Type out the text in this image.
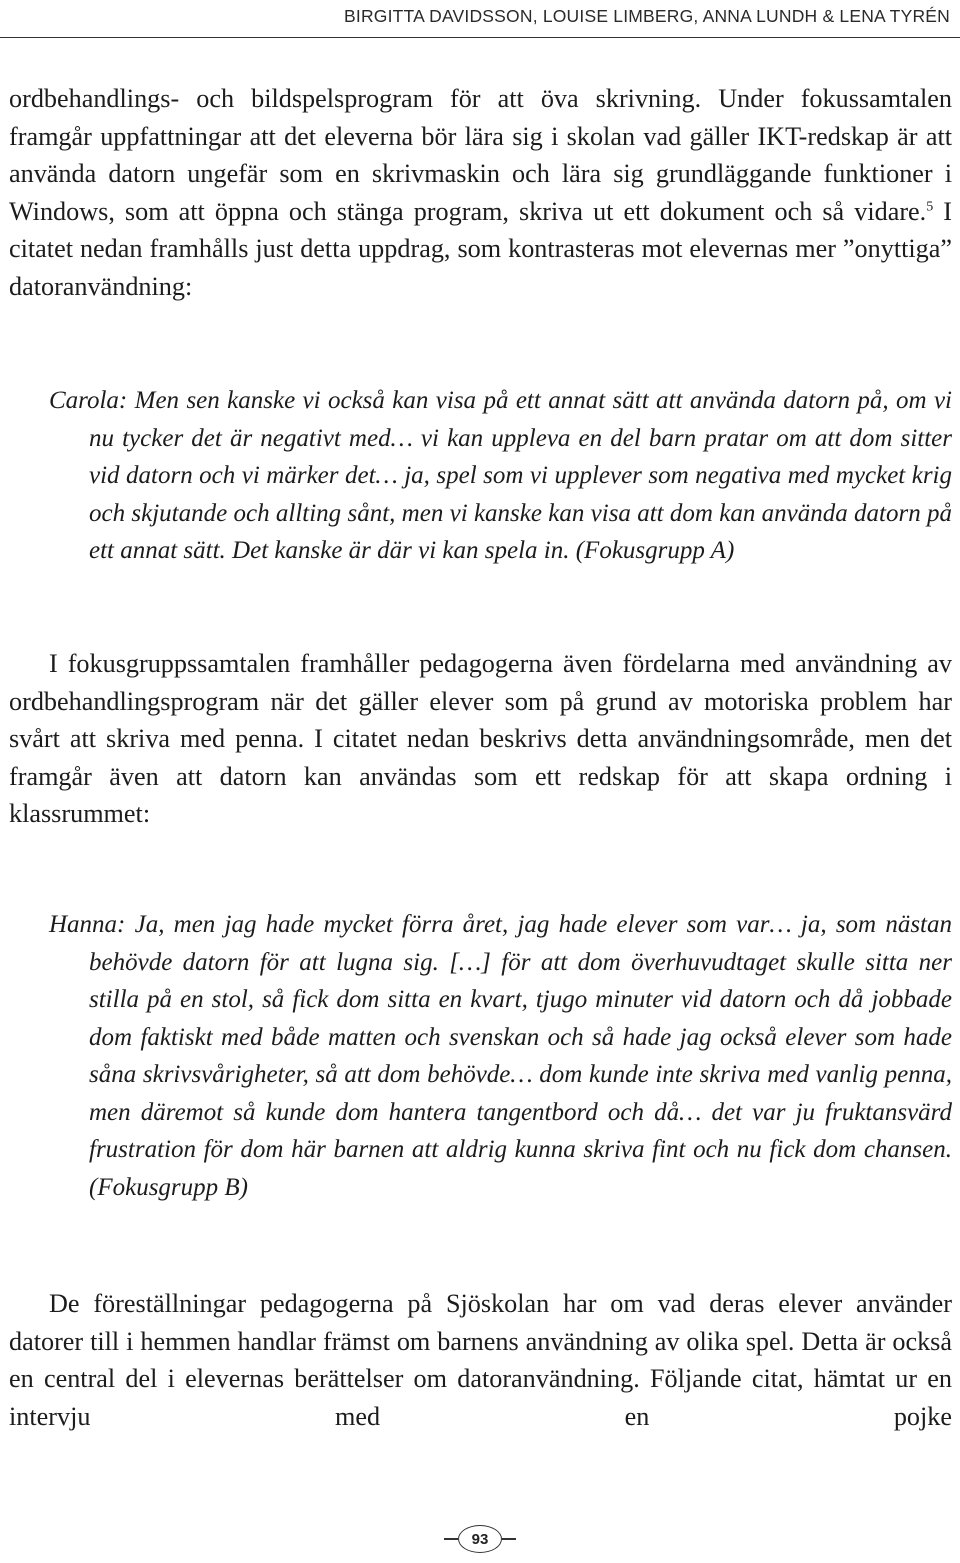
BIRGITTA DAVIDSSON, LOUISE LIMBERG, ANNA LUNDH & LENA TYRÉN

ordbehandlings- och bildspelsprogram för att öva skrivning. Under fokussamtalen framgår uppfattningar att det eleverna bör lära sig i skolan vad gäller IKT-redskap är att använda datorn ungefär som en skrivmaskin och lära sig grundläggande funktioner i Windows, som att öppna och stänga program, skriva ut ett dokument och så vidare.$^5$ I citatet nedan framhålls just detta uppdrag, som kontrasteras mot elevernas mer ”onyttiga” datoranvändning:

Carola: Men sen kanske vi också kan visa på ett annat sätt att använda datorn på, om vi nu tycker det är negativt med… vi kan uppleva en del barn pratar om att dom sitter vid datorn och vi märker det… ja, spel som vi upplever som negativa med mycket krig och skjutande och allting sånt, men vi kanske kan visa att dom kan använda datorn på ett annat sätt. Det kanske är där vi kan spela in. (Fokusgrupp A)

I fokusgruppssamtalen framhåller pedagogerna även fördelarna med användning av ordbehandlingsprogram när det gäller elever som på grund av motoriska problem har svårt att skriva med penna. I citatet nedan beskrivs detta användningsområde, men det framgår även att datorn kan användas som ett redskap för att skapa ordning i klassrummet:

Hanna: Ja, men jag hade mycket förra året, jag hade elever som var… ja, som nästan behövde datorn för att lugna sig. […] för att dom överhuvudtaget skulle sitta ner stilla på en stol, så fick dom sitta en kvart, tjugo minuter vid datorn och då jobbade dom faktiskt med både matten och svenskan och så hade jag också elever som hade såna skrivsvårigheter, så att dom behövde… dom kunde inte skriva med vanlig penna, men däremot så kunde dom hantera tangentbord och då… det var ju fruktansvärd frustration för dom här barnen att aldrig kunna skriva fint och nu fick dom chansen. (Fokusgrupp B)

De föreställningar pedagogerna på Sjöskolan har om vad deras elever använder datorer till i hemmen handlar främst om barnens användning av olika spel. Detta är också en central del i elevernas berättelser om datoranvändning. Följande citat, hämtat ur en intervju med en pojke

93
